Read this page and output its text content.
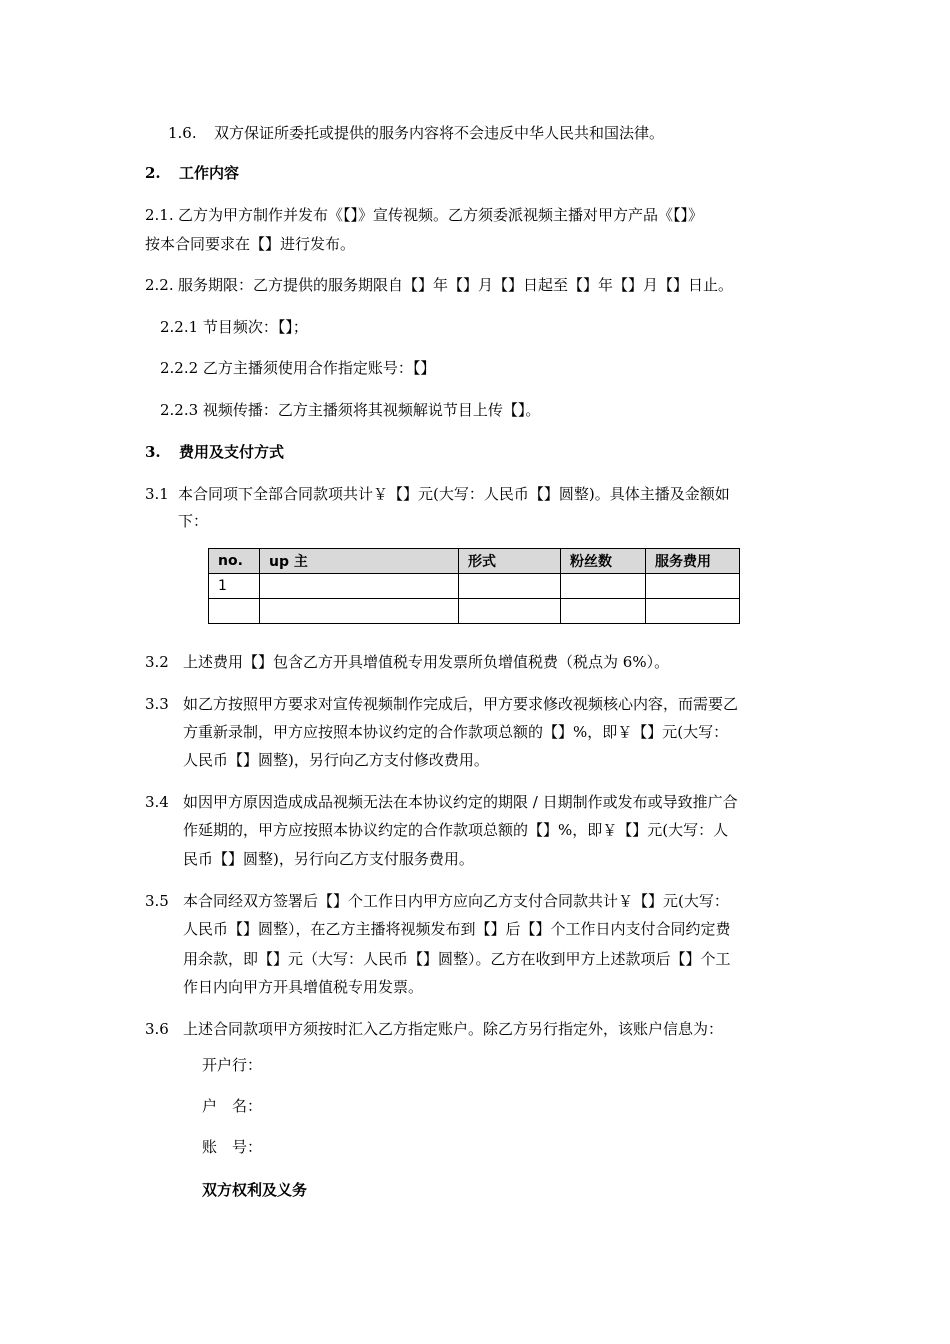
1.6. 双方保证所委托或提供的服务内容将不会违反中华人民共和国法律。
2. 工作内容
2.1. 乙方为甲方制作并发布《【】》宣传视频。乙方须委派视频主播对甲方产品《【】》
按本合同要求在【】进行发布。
2.2. 服务期限：乙方提供的服务期限自【】年【】月【】日起至【】年【】月【】日止。
2.2.1 节目频次：【】；
2.2.2 乙方主播须使用合作指定账号：【】
2.2.3 视频传播：乙方主播须将其视频解说节目上传【】。
3. 费用及支付方式
3.1 本合同项下全部合同款项共计￥【】元(大写：人民币【】圆整)。具体主播及金额如
下：
no.	up 主	形式	粉丝数	服务费用
1				

3.2 上述费用【】包含乙方开具增值税专用发票所负增值税费（税点为 6%）。
3.3 如乙方按照甲方要求对宣传视频制作完成后，甲方要求修改视频核心内容，而需要乙
方重新录制，甲方应按照本协议约定的合作款项总额的【】%，即￥【】元(大写：
人民币【】圆整)，另行向乙方支付修改费用。
3.4 如因甲方原因造成成品视频无法在本协议约定的期限 / 日期制作或发布或导致推广合
作延期的，甲方应按照本协议约定的合作款项总额的【】%，即￥【】元(大写：人
民币【】圆整)，另行向乙方支付服务费用。
3.5 本合同经双方签署后【】个工作日内甲方应向乙方支付合同款共计￥【】元(大写：
人民币【】圆整），在乙方主播将视频发布到【】后【】个工作日内支付合同约定费
用余款，即【】元（大写：人民币【】圆整）。乙方在收到甲方上述款项后【】个工
作日内向甲方开具增值税专用发票。
3.6 上述合同款项甲方须按时汇入乙方指定账户。除乙方另行指定外，该账户信息为：
开户行：
户　名：
账　号：
双方权利及义务
